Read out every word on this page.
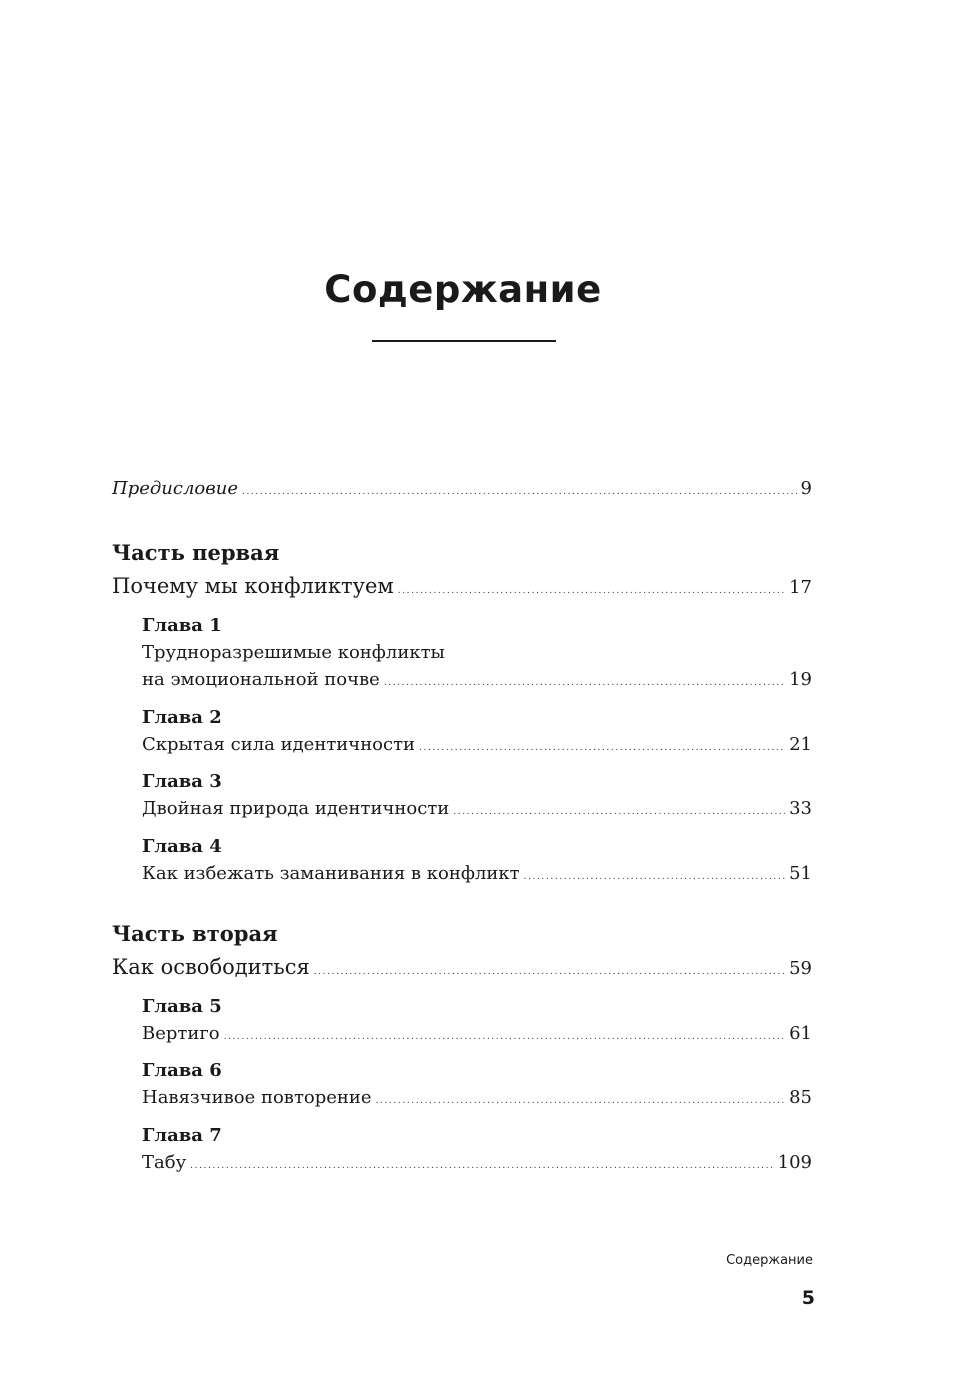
Содержание
Предисловие .....	9
Часть первая
Почему мы конфликтуем .....	17
Глава 1
Трудноразрешимые конфликты
на эмоциональной почве .....	19
Глава 2
Скрытая сила идентичности .....	21
Глава 3
Двойная природа идентичности .....	33
Глава 4
Как избежать заманивания в конфликт .....	51
Часть вторая
Как освободиться .....	59
Глава 5
Вертиго .....	61
Глава 6
Навязчивое повторение .....	85
Глава 7
Табу .....	109
Содержание
5
